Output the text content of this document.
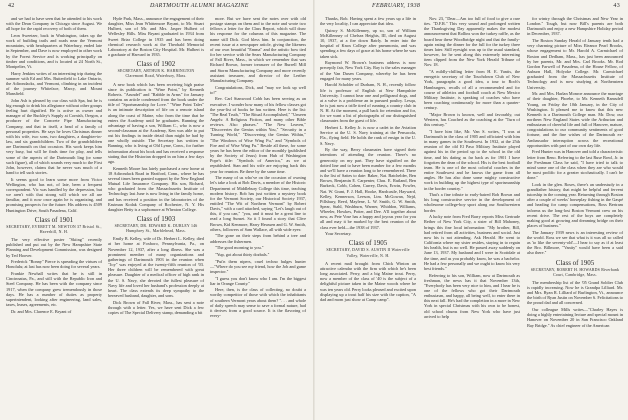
42	DARTMOUTH ALUMNI MAGAZINE	FEBRUARY, 1938	43

and we had to have seen that he attended to his work with the Dean Company in Chicago since August. We all hope for the rapid recovery of both of them.

Leon Sweetzer, back in Washington, takes up the work of building trails and roads near the Vermont mountains, with headquarters at Waterbury, ended late in September, and Dave is now employed in other work by the Forest Service and is working principally on timber and conditions, and is located at 24 North St., Montpelier, Vt.

Harry Jenkins writes of an interesting trip during the summer with Ed and Mrs. Butterfield to Lake Ontario, the Adirondacks, and Vermont, climbing in an incident of the journey Whiteface, Marcy, and Mount Mansfield.

John Ash is pleased by our class with Spa, but he is big enough to drink his allegiance without other groups feeling hurt dignified. He is active as owner and manager of the Buckley's Supply at Cornish, Oregon, a producer of the Concrete Pipe Manufacturing Company, and that in itself, a head of a family of personal properties. He says he loves Christmas dinner with his wife, two sons, two daughters, a daughter-in-law, and six grandchildren. Two of the grandchildren are Dartmouth on that occasion. His work keeps him very busy, but will he finds time for play, and tells some of the aspects of the Dartmouth ling (or some such figure), all of which sounds very much to the First John, however, claims that he never was much of a hand to tell such stories.

It seems good to learn some more from Victor Wellington, who has not, of late, been a frequent correspondent. Vic was handled by the depression, but we aren't with that strong will which we all are familiar, and it now once again he is organizing, and promising prospects for the future. His address is 4509 Huntington Drive, South Pasadena, Calif.

Class of 1901
SECRETARY, EVERETT M. NEWTON 37 Bristol St., Haverhill, N. H.

The very effective poster "Skiing" recently published and put out by the New Hampshire State Planning and Development Commission, was designed by Ted Hoover.

Frederick "Bonny" Pierce is spreading the virtues of Honolulu; at last has now been doing for several years.

Frankie Newhall writes that he is still in Cincinnatus, Pa., and still with the Republic Iron and Steel Company. He has been with the company since 1917, when the company grew tremendously in those days. He has a number of duties as property superintendent, looking after engineering, land sales, taxes, leases, agreements, etc.

Dr. and Mrs. Clarence E. Bryant of

Hyde Park, Mass., announce the engagement of their daughter, Miss Jean Whittemore Bryant, to Mr. Stuart Hulbert, son of Mr. and Mrs. Jasper Hulbert of Wellesley Hills. Miss Bryant graduated in 1934 from Sweet Briar College in 1935 and has been doing chemical research work at the Theobald Memorial Laboratory at the Boston City Hospital. Mr. Hulbert is a graduate of Harvard in 1935.

Class of 1902
SECRETARY, ARTHUR K. HARRINGTON Claremont Road, Waterbury, Mass.

A new book which has been receiving high praise since its publication is "Wine Point," by Kenneth Roberts. "Arundel" and "Rabble in Arms" for January contains an article condensed from the book under the title of "Sportsmanship for Love." "Wine Point Tales" is an intimate description of life on a remote island along the coast of Maine, who from the time that he enters the Academy until he graduates. Running the advantage of having a son, William C., who is now a second-classman at the Academy, Ken was able to put out his findings in inside detail than might be had by one wholly outside. The Secretary has written to Banning, who is living at Old Lyme, Conn., for further information about his book and has received a response stating that the Historian dropped in on him a few days ago.

Kenneth Moore has lately purchased a new home at 18 Adirondack Road in Hartford, Conn., where he has several times been granted support by the New England Mutual Life Insurance Company. His son, Richard, who graduated from the Massachusetts Institute of Technology last June is now living in the family home, and has received a position in the laboratories of the Eastman Kodak Company of Rochester, N. Y. His daughter Betty is a sophomore at Wheaton College.

Class of 1903
SECRETARY, DR. EDWARD K. DURLEY 146 Humphrey St., Marblehead, Mass.

Emily B. Kelley, wife of Dr. Herbert L. Kelley, died at her home at Foxboro, Pennsylvania, Pa., on November 12, 1937, after a long illness. She was a prominent member of many organizations and gatherings of Dartmouth 1903 in the reunion when "Joy" was enjoyed at the twenty-fifth reunion of '03. Her three children will be remembered with great pleasure. Daughter of a medical officer of high rank in the U. S. Navy, she devoted the fullest pleasure of Navy life and loved her husband's profession deeply at heart. The class extends its deep sympathy to the bereaved husband, daughter, and sons.

Dick Brown of Fall River, Mass., has sent a note through with a letter. Yes, we have sent Dick a few copies of The Special Delivery stamp, demanding a bit

more. But we have sent the notes over with old postage stamps on them and to the note and wrote two fellows a letter for the Class Report, which will draw his response for the columns of this magazine. The name still Dick. God bless him. In conjunction, the recent issue at a newspaper article, giving the likeness of our own beautiful "Emma" and the artistic bow tied for her service with the Sears Manufacturing Company of Fall River, Mass., in which we remember that was Richard Brown, former treasurer of the Burrell Mill and Storm Manufacturing Company and more recently assistant treasurer, and director of the Lerther Manufacturing Company.

Congratulations, Dick, and "may we look up well to!"

Rev. Carl Stanwood Cobb has been serving as an executive. I wonder how many of his fellow classes got the year-list of books he has written. Here is the list: "The Real Truth," "The Ritual Accomplished," "Unseen Angels: A Religious Fiction, and many other Bible reviews. Also phrases." "The New Leaven," "Discoveries the Genius within You," "Security in a Turning World," "Discovering the Genius Within," "The Windows of Wise Wing Fu," and "Symbols of Fire and of Wise Wing Fu." Beside all these, for some years he has been the editor of the monthly (published by the Society of Jesus) from Hub of Washington Pope's title: "Symbols of America," as we at republished. Stan and his wife are enjoying back this year for reunion. Be there by the same time.

The many of us who've on the occasion of owning let's take a look at Bob Davis, a member of the Historic Department of Middlebury College this time, teaching modern history. Bob has just written a mystery book for the Vermont Society, our Historical Society 1937, entitled "The Wit of Northern Vermont" by Bobert Davis," with a card attached, saying "Let's laugh out of this, if you can," "you, and it must be a great line to read a long Sunset. So it I found a story that Clive Brown, Kid Kenmore, Harry Heussen and G. W. Smith, others, followers of Sam Wallace, all with wide eyes:

"The gone on their steps from behind a tree and addresses the fishermen.

"The good morning to you."

"Yup, got about thirty dozbals."

"Put'n them nipers, cruel techno hulges hunter—"Where do you see my friend, how the Job and game inspector."

"I guess you don't know who I am. I'm the biggest liar in Orange County."

Here, then, is the class of collecting, no doubt a worthy competitor of those with which the inhabitants of southern Vermont years about them? ". . . and whole of daily speech may sense to save a formal nature, had it derives from a good source. It is the flavoring of every-

Thanks, Bob. Having spent a few years up a life in the very locality, I can appreciate that idea.

Quincy S. McKillenney, up so, son of William McKillenney of Chelsea Heights, III, died on August 10, 1937, at a fire down Ratrly. In enter into the hospital of Knox College after pneumonia, and was spending a few days of grace at his home where he was taken sick.

Raymond W. Brown's business address is now preceptly fair, New York City. Ray is the sales manager of the Van Dusen Company, whereby he has been engaged for many years.

Harold Scholder of Durham, N. H., recently follow life is professor of English at New Hampshire University. I cannot hear one and pelligrand dogs, and at a valve is a probleme an in pursued poultry. Lesqu, he is just now a trifle tired of running a country club in N. H. At the moment, a pull back for retention and for, for we want a list of photographs of our distinguished classmates from the guest of life.

Herbert L. Kelley Jr. is now a cadet in the Aviation Service at the U. S. Navy training at the Pensacola, Fla., flying field. He holds the rank of ensign in the U. S. Navy.

By the way, Berry classmates have signed their intentions of attending the reunion. There's no generosity on my part. They have signified on the dotted line and to have been number for a few months and we'll have a reunion long to be remembered. There is the list of Sattes to date: Baker, Nat. Batchelder, Ben Brown, Benjamin E. Carpenter, Chas. E. Rutland, Ben Burkeck, Cobb, Cohen, Currey, Davis, Erwin, Fowler, Nat. W. Grant, F. J. Hall, Hooke, Hardcastle, Hayward, Kelley, Kennerson, Leeson, Ltm. McGowan, Nejd, Pillsbury, Reed, Maylene, L. W. Smith, G. W. Smith, Spear, Stahl, Washburn, Warner, Whiddon, Williams, Wheeler, Howkes, Potter, and Dee. A'll together about now, as Pete Vose has a happy and joyous year for you all and may it be marked by the best reunion of the class ever held—the 1938 of 1937.

Your Secretary.

Class of 1905
SECRETARY, DAVID S. AUSTIN II Waterville Valley, Waterville, N. H.

A recent mail brought from Chick Winton an attractive calendar with the firm with which he's been long associated. Perry, and a big Maine trout. Perry, now a member of the class of '40 is the subject of a delightful picture taken in the Maine woods where he was ten years old. Perry looks pleased and excited upon displaying up a trout half his size with the caption, "A dad and mom just show at Camp camp".

Nov. 23, "Dear—Am too full of food to give a rare ties. "D.F.R." This very sound and prolonged written the Thanksgiving Day apparently makes the modest announcement that Rollins won the turkey raffle, as the board hear these Woodbridge night and that the family-again eating the dinner for the full for the turkey three times later. Still eyesight was up to the usual standard, however, for he sent along this extremely interesting item clipped from the New York Herald Tribune of Nov. 18.

"A mildly-chilling letter from H. E. Yantis, the energetic secretary of the Touchdown Club of New York, paragraphs a good idea, a tour to Roch's Hamburgers, recalls of all a recommended and for course of athletics and football coach at New Mexico Military Institute, is speaking of coaches who have been coaching continuously for more than a quarter-century.

"Major Brown is known, well and favorably, out Western, has Coached as the coaching at the "Turn of this century."

"I have him like, Mr. Van S. writes, "I was at Dartmouth in the class of 1905 and officiated with him in many games in the Southwest. In 1932, at the 25th reunion of the old El Paso Military Institute played against his in the period up to the school in the old time, and his dating as far back as for 1901 I have forgotten the dean of the school. His is the best football team. He is one of the most colorful coaches in the entire Southwest and he knows the game from all angles. He has also done some mighty constructive work in building up the highest type of sportsmanship in the border country."

That's a fine tribute to early-haired Bob Brown and his long constructive service in the development of wholesome college-boy sport along our Southwestern border.

A lucky note from Fred Barry reports Miss Gertrude Reiber of New York City, a sister of Bill Mahoney, brings this fine local information: "My brother, Bill, had retired from all activities, business and social. Just now his is not attending. Ask Herald. He went to California where my sister resides, staying in to regain his health, but is no well. He passed away suddenly on June 13, 1937. My husband and I were in Scottdale at the time, and as you probably know, he was a bachelor. He had a few personally and we ought to know his very best friends."

Referring to his son, William, now at Dartmouth as freshman, the news has it that November 13th, "Everybody has been very nice to him, and I hear he is one of the fellows who got their Dartmouth enthusiasm, and happy, all being well, to enter there in this next fall. He's had the completion in a more in New York in special Christmas with his own to be honest, old school chums from New York who have just arrived to help

for wintry through the Christmas and New Year in London." Tough, but now Bill's parents are both Dartmouth and enjoy a new Hampshire Holiday period in December, 1937.

The Boston Sunday Herald of January tenth had a very charming picture of Miss Eleanor Pearl Brooks, whose engagement to Mr. Harold A. Carmichael of Boston and Dedham, Mass., has just been announced by her parents, Mr. and Mrs. Carl Brooks. Mr. Rod Gordon Farwell of Pasadena, of the House Fellow, of Auburn Hall, Holyoke College. Mr. Carmichael graduated from the Massachusetts Institute of Technology and is now studying at Northeastern University.

Mr. and Mrs. Harlan Monroe announce the marriage of their daughter, Phoebe, to Mr. Kenneth Ramsdell Young, on Friday the 10th January, in the City of Washington. It pleased me to know that this new Kenneth is a Dartmouth College man. Mr. Dow, our northern New England States wide the Arthurian and enthusiasm of cheerful life and full of Hanover, mature, congratulations to our community sentiments of good fortune, and the fine wishes of the Dartmouth ex-Ambassador interruption across the recreational opportunities with part of our own day life.

Fred Hunter was in Hanover and told a characteristic letter from Reno. Referring to the last Ruse Bowl, Jr. in the Freshman Class he said, "I have tried to talk to mind some one of the class when they are who would be most prolific for a greater stochastically. I can't be done."

Look in the glen. Roses, there's an understudy in a grandfather history, that might be helpful and fervent tutorship in the coming year. Returning through Boston after a couple of weeks' horseplay fishing in the Gaspé and heading for camp compensations, Ross Bertram informs us the long-lost Boston Vermont crew on his recent drive. The rest of the boys are completely making good at growing and dreaming bridge on their places of business."

The January 1939 news is an interesting review of the world. Ross we see that what is it was all so called as 'to like the seventy-old'—I hear to say as if at least the Bro. Billmore, "Vanity" would have been a said also there."

Class of 1905
SECRETARY, ROBERT H. HOWARDS Riverbank Court, Cambridge, Mass.

The membership list of the '05 Grand Soldier Club is rapidly increasing. Now he is Grandpa Lilliard. Mr. and Mrs. Ryan R. Lilliard of Burlington, Vt., announce the birth of Ryan Justin on November 6. Felicitations to the proud dad and all concerned.

Our colleague Mills writes—"Charley Hayes is doing a highly entertaining lecture and special mount in Hanover on November 20 in San Francisco Oakland Bay Bridge." As chief engineer of the American
